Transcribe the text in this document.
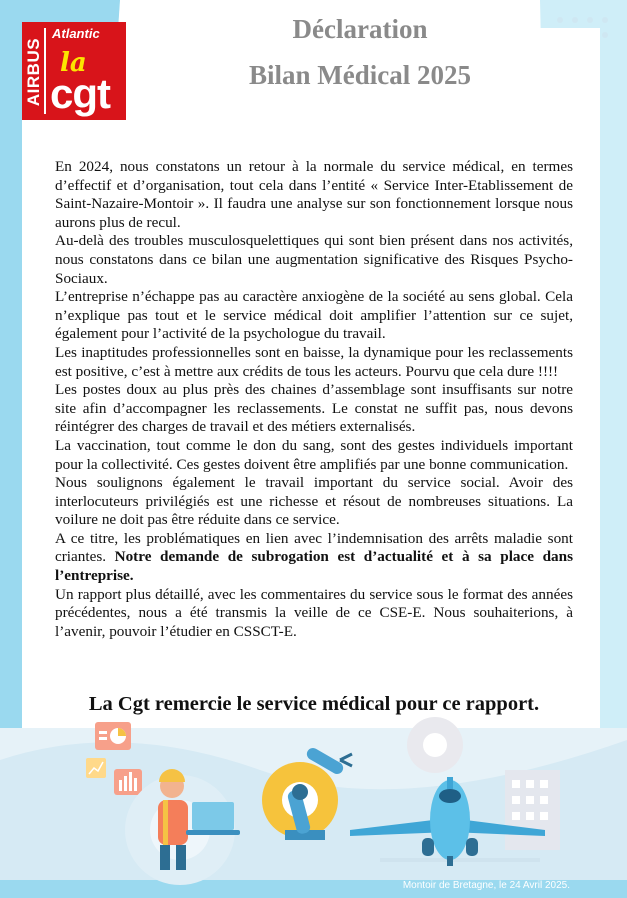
AIRBUS
Atlantic
la
cgt
Déclaration
Bilan Médical 2025

En 2024, nous constatons un retour à la normale du service médical, en termes d’effectif et d’organisation, tout cela dans l’entité « Service Inter-Etablissement de Saint-Nazaire-Montoir ». Il faudra une analyse sur son fonctionnement lorsque nous aurons plus de recul.

Au-delà des troubles musculosquelettiques qui sont bien présent dans nos activités, nous constatons dans ce bilan une augmentation significative des Risques Psycho-Sociaux.

L’entreprise n’échappe pas au caractère anxiogène de la société au sens global. Cela n’explique pas tout et le service médical doit amplifier l’attention sur ce sujet, également pour l’activité de la psychologue du travail.

Les inaptitudes professionnelles sont en baisse, la dynamique pour les reclassements est positive, c’est à mettre aux crédits de tous les acteurs. Pourvu que cela dure !!!!

Les postes doux au plus près des chaines d’assemblage sont insuffisants sur notre site afin d’accompagner les reclassements. Le constat ne suffit pas, nous devons réintégrer des charges de travail et des métiers externalisés.

La vaccination, tout comme le don du sang, sont des gestes individuels important pour la collectivité. Ces gestes doivent être amplifiés par une bonne communication.

Nous soulignons également le travail important du service social. Avoir des interlocuteurs privilégiés est une richesse et résout de nombreuses situations. La voilure ne doit pas être réduite dans ce service.

A ce titre, les problématiques en lien avec l’indemnisation des arrêts maladie sont criantes. Notre demande de subrogation est d’actualité et à sa place dans l’entreprise.

Un rapport plus détaillé, avec les commentaires du service sous le format des années précédentes, nous a été transmis la veille de ce CSE-E. Nous souhaiterions, à l’avenir, pouvoir l’étudier en CSSCT-E.

La Cgt remercie le service médical pour ce rapport.
Montoir de Bretagne, le 24 Avril 2025.
